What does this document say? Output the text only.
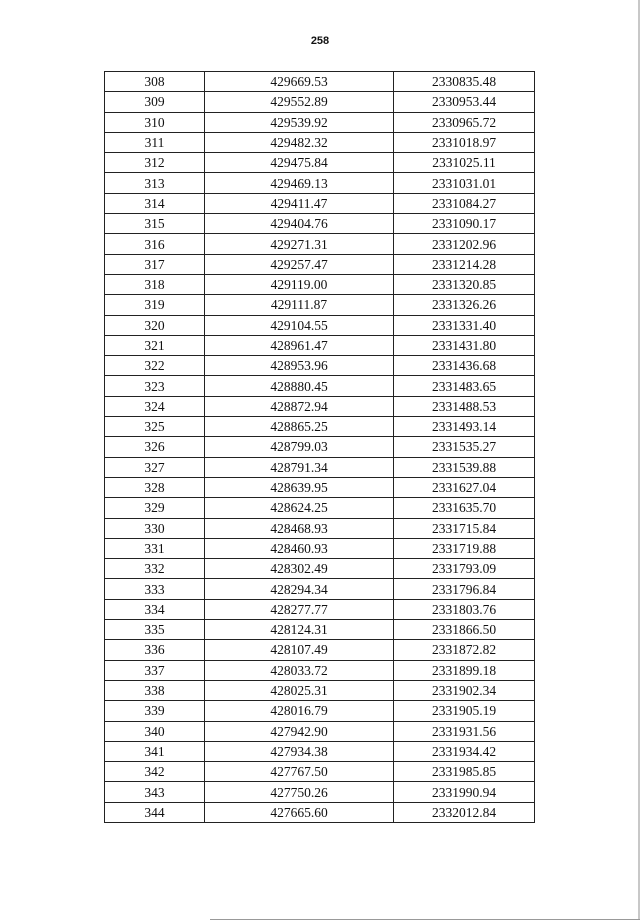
258
308	429669.53	2330835.48
309	429552.89	2330953.44
310	429539.92	2330965.72
311	429482.32	2331018.97
312	429475.84	2331025.11
313	429469.13	2331031.01
314	429411.47	2331084.27
315	429404.76	2331090.17
316	429271.31	2331202.96
317	429257.47	2331214.28
318	429119.00	2331320.85
319	429111.87	2331326.26
320	429104.55	2331331.40
321	428961.47	2331431.80
322	428953.96	2331436.68
323	428880.45	2331483.65
324	428872.94	2331488.53
325	428865.25	2331493.14
326	428799.03	2331535.27
327	428791.34	2331539.88
328	428639.95	2331627.04
329	428624.25	2331635.70
330	428468.93	2331715.84
331	428460.93	2331719.88
332	428302.49	2331793.09
333	428294.34	2331796.84
334	428277.77	2331803.76
335	428124.31	2331866.50
336	428107.49	2331872.82
337	428033.72	2331899.18
338	428025.31	2331902.34
339	428016.79	2331905.19
340	427942.90	2331931.56
341	427934.38	2331934.42
342	427767.50	2331985.85
343	427750.26	2331990.94
344	427665.60	2332012.84
